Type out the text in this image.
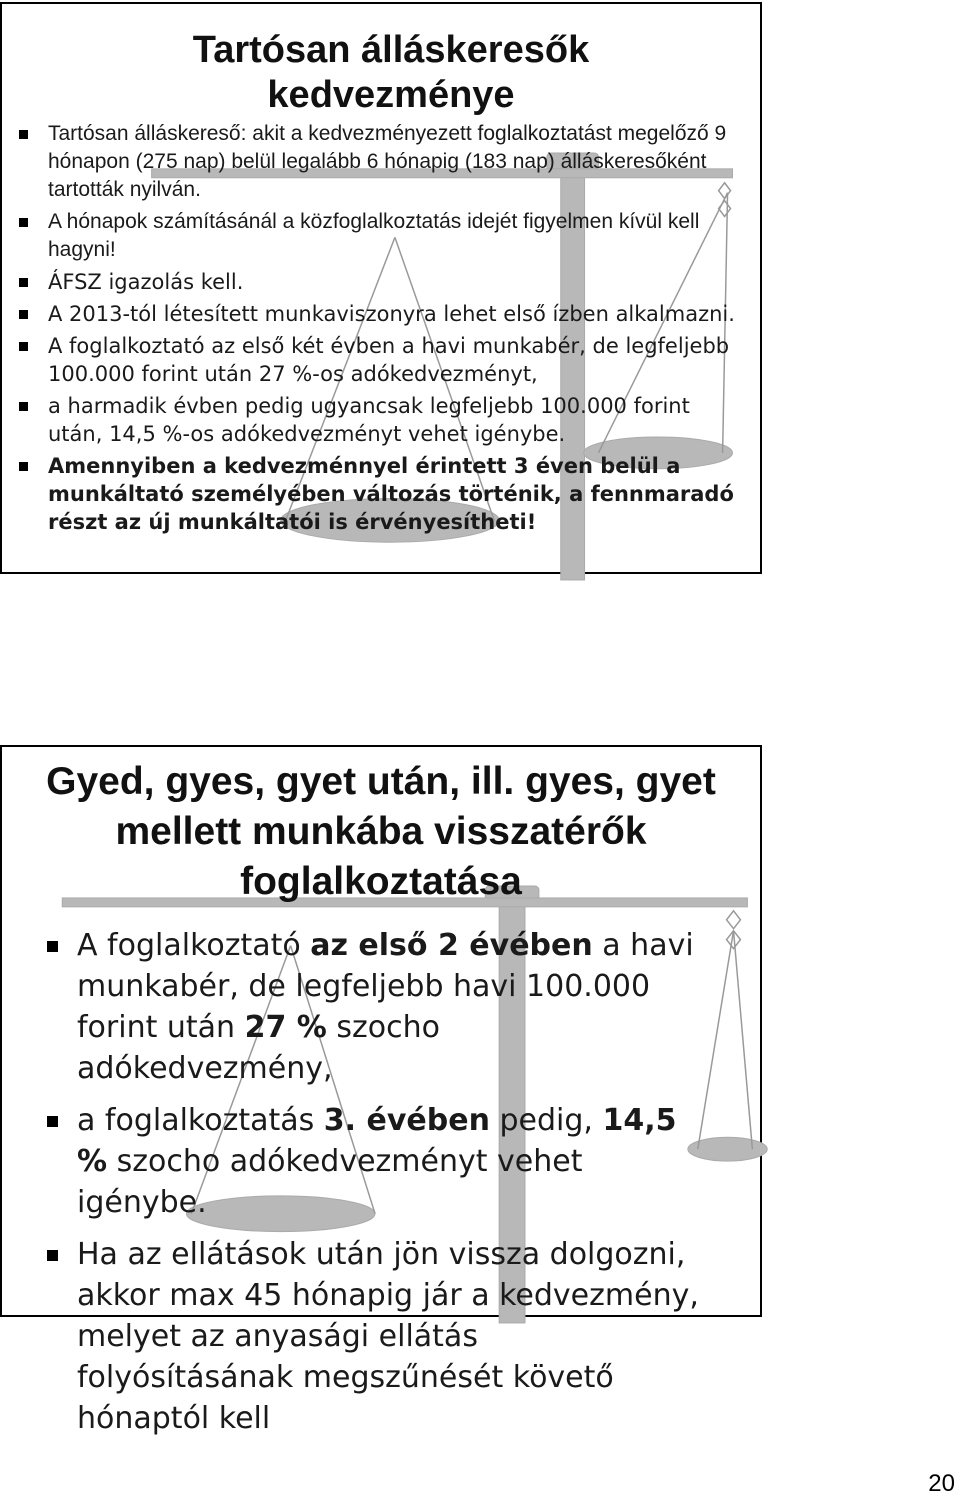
Tartósan álláskeresők
kedvezménye
Tartósan álláskereső: akit a kedvezményezett foglalkoztatást megelőző 9 hónapon (275 nap) belül legalább 6 hónapig (183 nap) álláskeresőként tartották nyilván.
A hónapok számításánál a közfoglalkoztatás idejét figyelmen kívül kell hagyni!
ÁFSZ igazolás kell.
A 2013-tól létesített munkaviszonyra lehet első ízben alkalmazni.
A foglalkoztató az első két évben a havi munkabér, de legfeljebb 100.000 forint után 27 %-os adókedvezményt,
a harmadik évben pedig ugyancsak legfeljebb 100.000 forint után, 14,5 %-os adókedvezményt vehet igénybe.
Amennyiben a kedvezménnyel érintett 3 éven belül a munkáltató személyében változás történik, a fennmaradó részt az új munkáltatói is érvényesítheti!
Gyed, gyes, gyet után, ill. gyes, gyet
mellett munkába visszatérők
foglalkoztatása
A foglalkoztató az első 2 évében a havi munkabér, de legfeljebb havi 100.000 forint után 27 % szocho adókedvezmény,
a foglalkoztatás 3. évében pedig, 14,5 % szocho adókedvezményt vehet igénybe.
Ha az ellátások után jön vissza dolgozni, akkor max 45 hónapig jár a kedvezmény, melyet az anyasági ellátás folyósításának megszűnését követő hónaptól kell
20
